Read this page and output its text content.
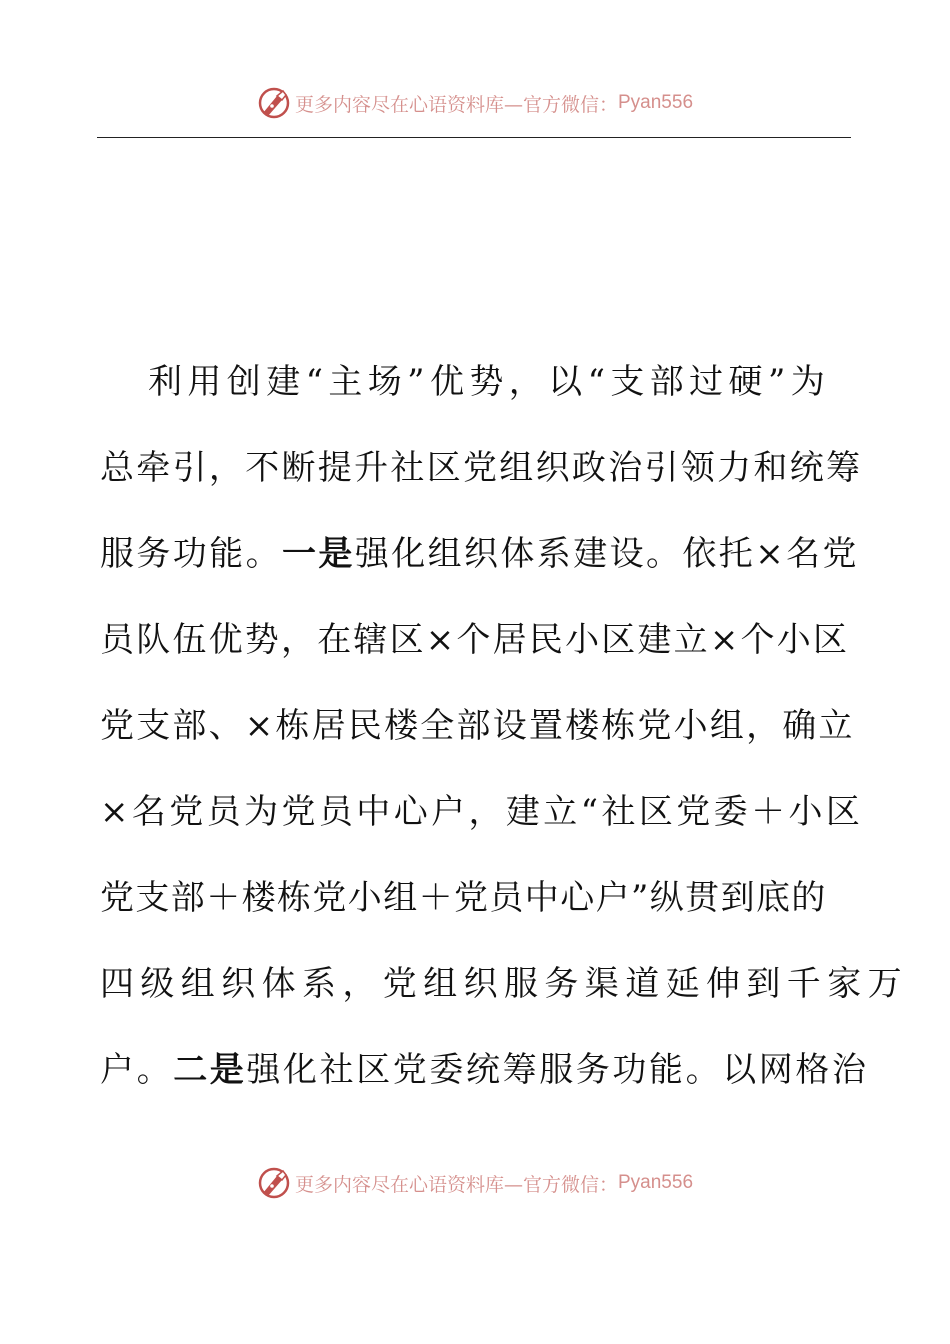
更多内容尽在心语资料库—官方微信： Pyan556
利用创建“主场”优势，以“支部过硬”为
总牵引，不断提升社区党组织政治引领力和统筹
服务功能。 一是 强化组织体系建设。依托×名党
员队伍优势，在辖区×个居民小区建立×个小区
党支部、×栋居民楼全部设置楼栋党小组，确立
×名党员为党员中心户，建立“社区党委＋小区
党支部＋楼栋党小组＋党员中心户”纵贯到底的
四级组织体系，党组织服务渠道延伸到千家万
户。 二是 强化社区党委统筹服务功能。以网格治
更多内容尽在心语资料库—官方微信： Pyan556
